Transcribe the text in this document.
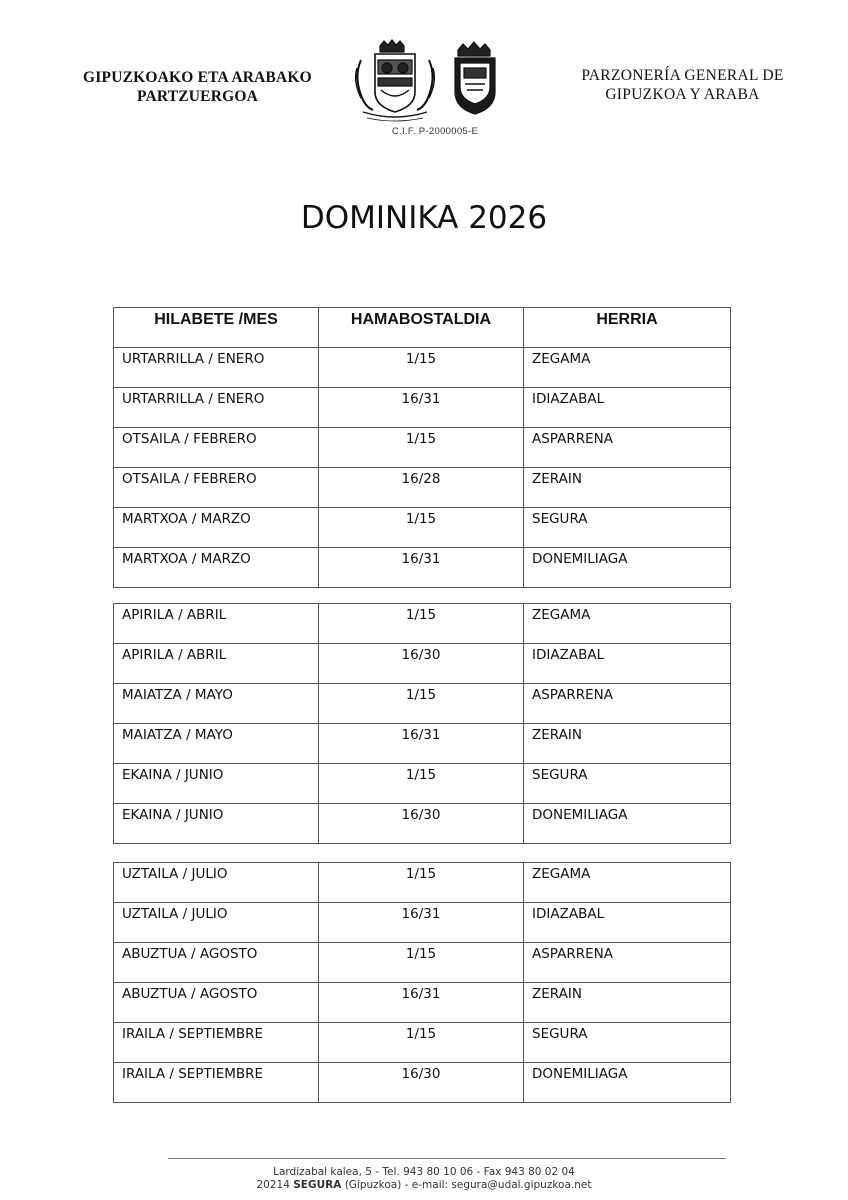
GIPUZKOAKO ETA ARABAKO
PARTZUERGOA
C.I.F. P-2000005-E
PARZONERÍA GENERAL DE
GIPUZKOA Y ARABA
DOMINIKA 2026
HILABETE /MES	HAMABOSTALDIA	HERRIA
URTARRILLA / ENERO	1/15	ZEGAMA
URTARRILLA / ENERO	16/31	IDIAZABAL
OTSAILA / FEBRERO	1/15	ASPARRENA
OTSAILA / FEBRERO	16/28	ZERAIN
MARTXOA / MARZO	1/15	SEGURA
MARTXOA / MARZO	16/31	DONEMILIAGA
APIRILA / ABRIL	1/15	ZEGAMA
APIRILA / ABRIL	16/30	IDIAZABAL
MAIATZA / MAYO	1/15	ASPARRENA
MAIATZA / MAYO	16/31	ZERAIN
EKAINA / JUNIO	1/15	SEGURA
EKAINA / JUNIO	16/30	DONEMILIAGA
UZTAILA / JULIO	1/15	ZEGAMA
UZTAILA / JULIO	16/31	IDIAZABAL
ABUZTUA / AGOSTO	1/15	ASPARRENA
ABUZTUA / AGOSTO	16/31	ZERAIN
IRAILA / SEPTIEMBRE	1/15	SEGURA
IRAILA / SEPTIEMBRE	16/30	DONEMILIAGA
Lardizabal kalea, 5 - Tel. 943 80 10 06 - Fax 943 80 02 04
20214 SEGURA (Gipuzkoa) - e-mail: segura@udal.gipuzkoa.net
